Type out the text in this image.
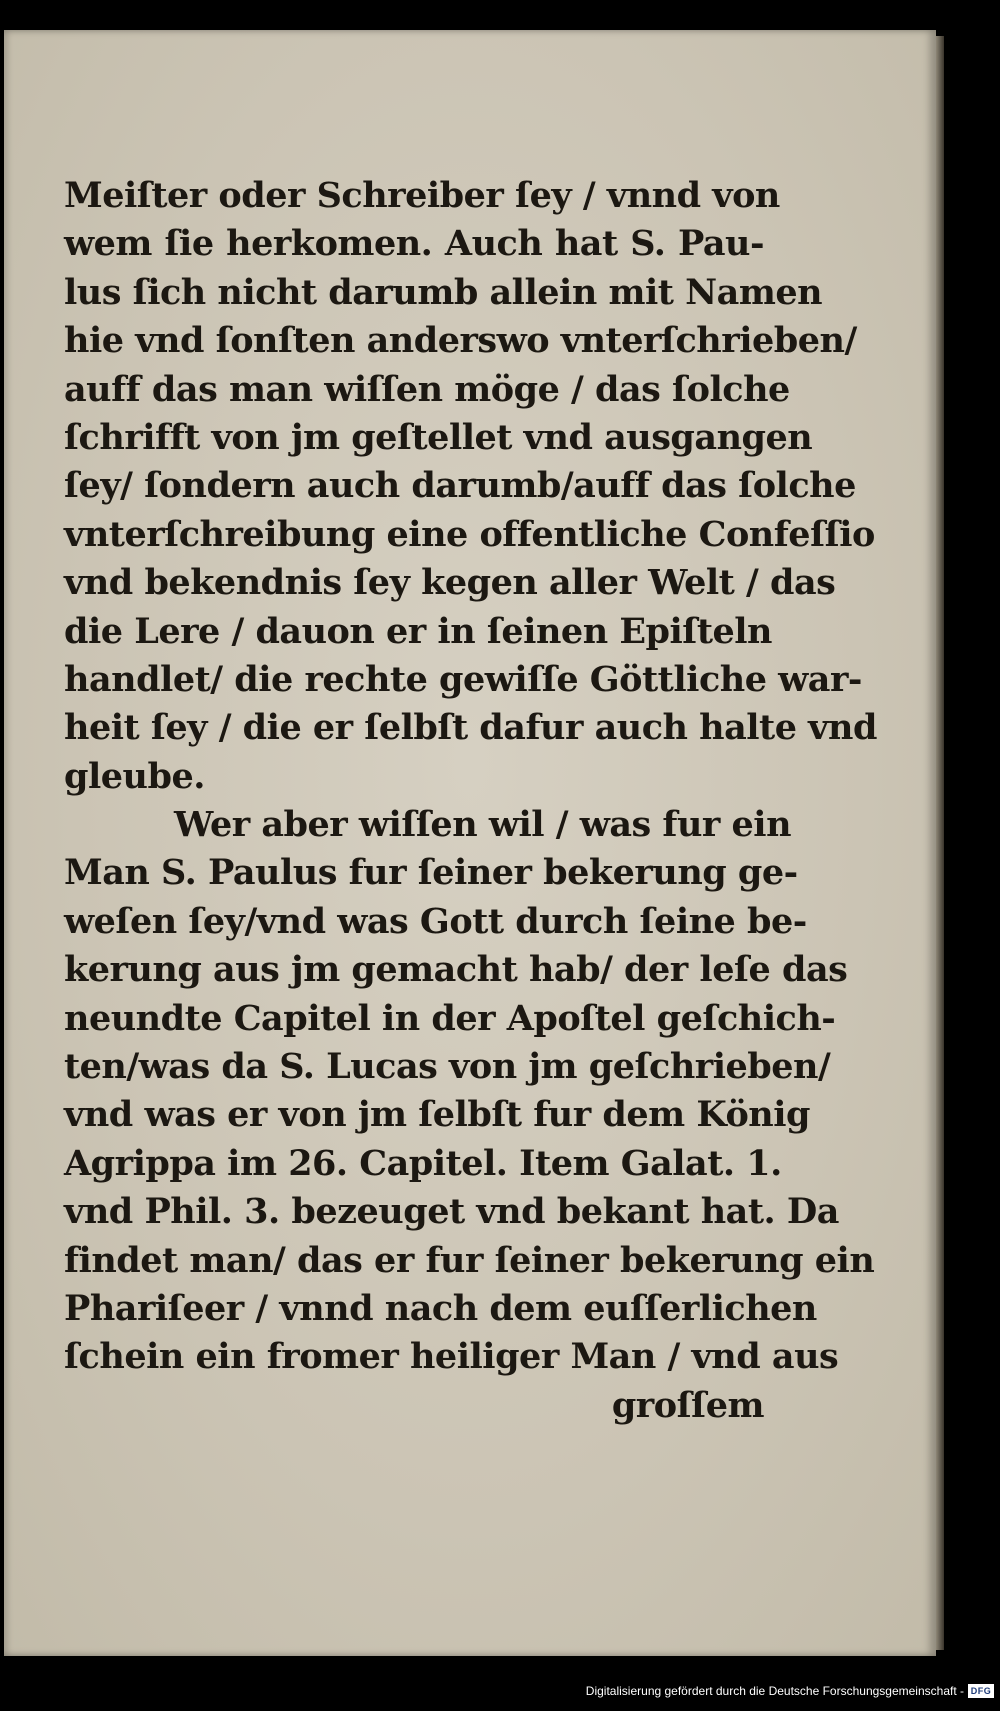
Meiſter oder Schreiber ſey / vnnd von
wem ſie herkomen. Auch hat S. Pau-
lus ſich nicht darumb allein mit Namen
hie vnd ſonſten anderswo vnterſchrieben/
auff das man wiſſen möge / das ſolche
ſchrifft von jm geſtellet vnd ausgangen
ſey/ ſondern auch darumb/auff das ſolche
vnterſchreibung eine offentliche Confeſſio
vnd bekendnis ſey kegen aller Welt / das
die Lere / dauon er in ſeinen Epiſteln
handlet/ die rechte gewiſſe Göttliche war-
heit ſey / die er ſelbſt dafur auch halte vnd
gleube.
Wer aber wiſſen wil / was fur ein
Man S. Paulus fur ſeiner bekerung ge-
weſen ſey/vnd was Gott durch ſeine be-
kerung aus jm gemacht hab/ der leſe das
neundte Capitel in der Apoſtel geſchich-
ten/was da S. Lucas von jm geſchrieben/
vnd was er von jm ſelbſt fur dem König
Agrippa im 26. Capitel. Item Galat. 1.
vnd Phil. 3. bezeuget vnd bekant hat. Da
findet man/ das er fur ſeiner bekerung ein
Phariſeer / vnnd nach dem euſſerlichen
ſchein ein fromer heiliger Man / vnd aus
groſſem
Digitalisierung gefördert durch die Deutsche Forschungsgemeinschaft - DFG
